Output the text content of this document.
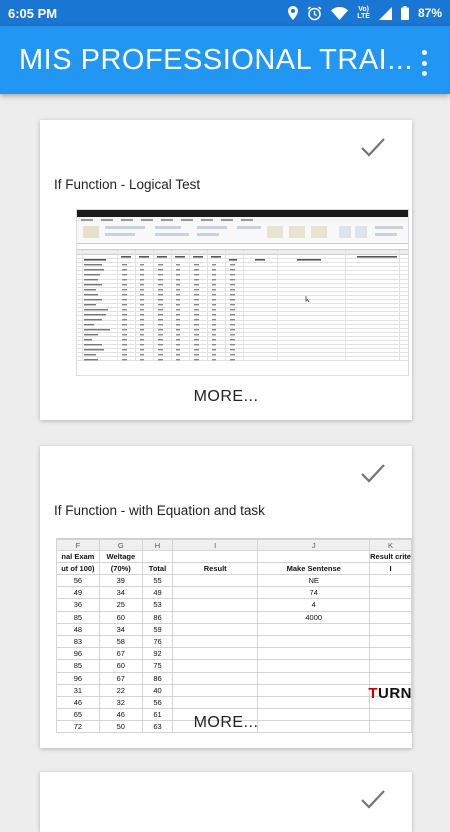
6:05 PM	Vo)
LTE	87%
MIS PROFESSIONAL TRAI...
If Function - Logical Test
MORE...
If Function - with Equation and task
F	G	H	I	J	K
nal Exam	Weltage				Result crite
ut of 100)	(70%)	Total	Result	Make Sentense	I
56	39	55		NE	
49	34	49		74	
36	25	53		4	
85	60	86		4000	
48	34	59			
83	58	76			
96	67	92			
85	60	75			
96	67	86			
31	22	40			
46	32	56			
65	46	61			
72	50	63			
TURN
MORE...
